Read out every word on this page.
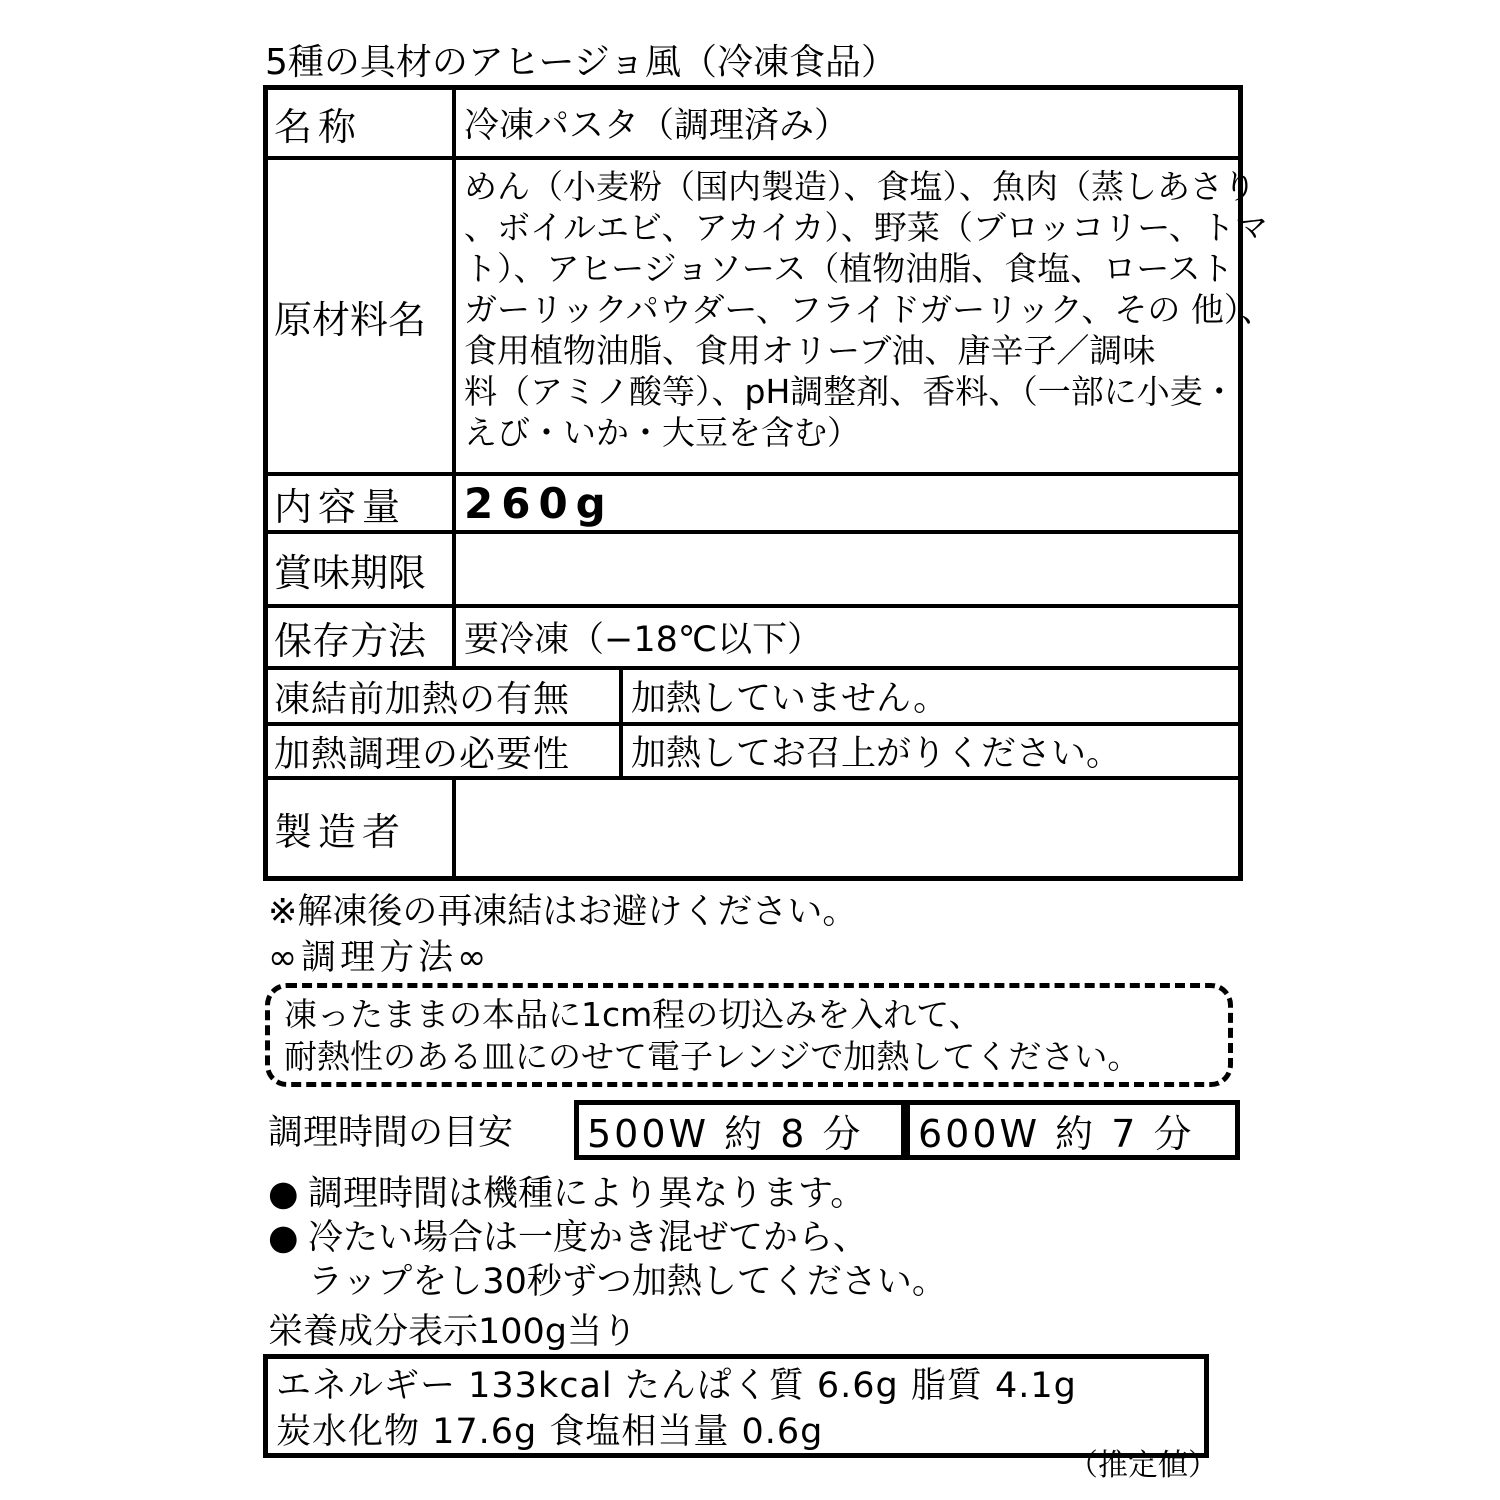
5種の具材のアヒージョ風（冷凍食品）
名称	冷凍パスタ（調理済み）
原材料名
めん（小麦粉（国内製造）、食塩）、魚肉（蒸しあさり
、ボイルエビ、アカイカ）、野菜（ブロッコリー、トマ
ト）、アヒージョソース（植物油脂、食塩、ロースト
ガーリックパウダー、フライドガーリック、その 他）、
食用植物油脂、食用オリーブ油、唐辛子／調味
料（アミノ酸等）、pH調整剤、香料、（一部に小麦・
えび・いか・大豆を含む）
内容量	260g
賞味期限
保存方法	要冷凍（−18℃以下）
凍結前加熱の有無	加熱していません。
加熱調理の必要性	加熱してお召上がりください。
製造者
※解凍後の再凍結はお避けください。
∞調理方法∞
凍ったままの本品に1cm程の切込みを入れて、
耐熱性のある皿にのせて電子レンジで加熱してください。
調理時間の目安	500W 約 8 分	600W 約 7 分
● 調理時間は機種により異なります。
● 冷たい場合は一度かき混ぜてから、
ラップをし30秒ずつ加熱してください。
栄養成分表示100g当り
エネルギー 133kcal たんぱく質 6.6g 脂質 4.1g
炭水化物 17.6g 食塩相当量 0.6g
（推定値）
